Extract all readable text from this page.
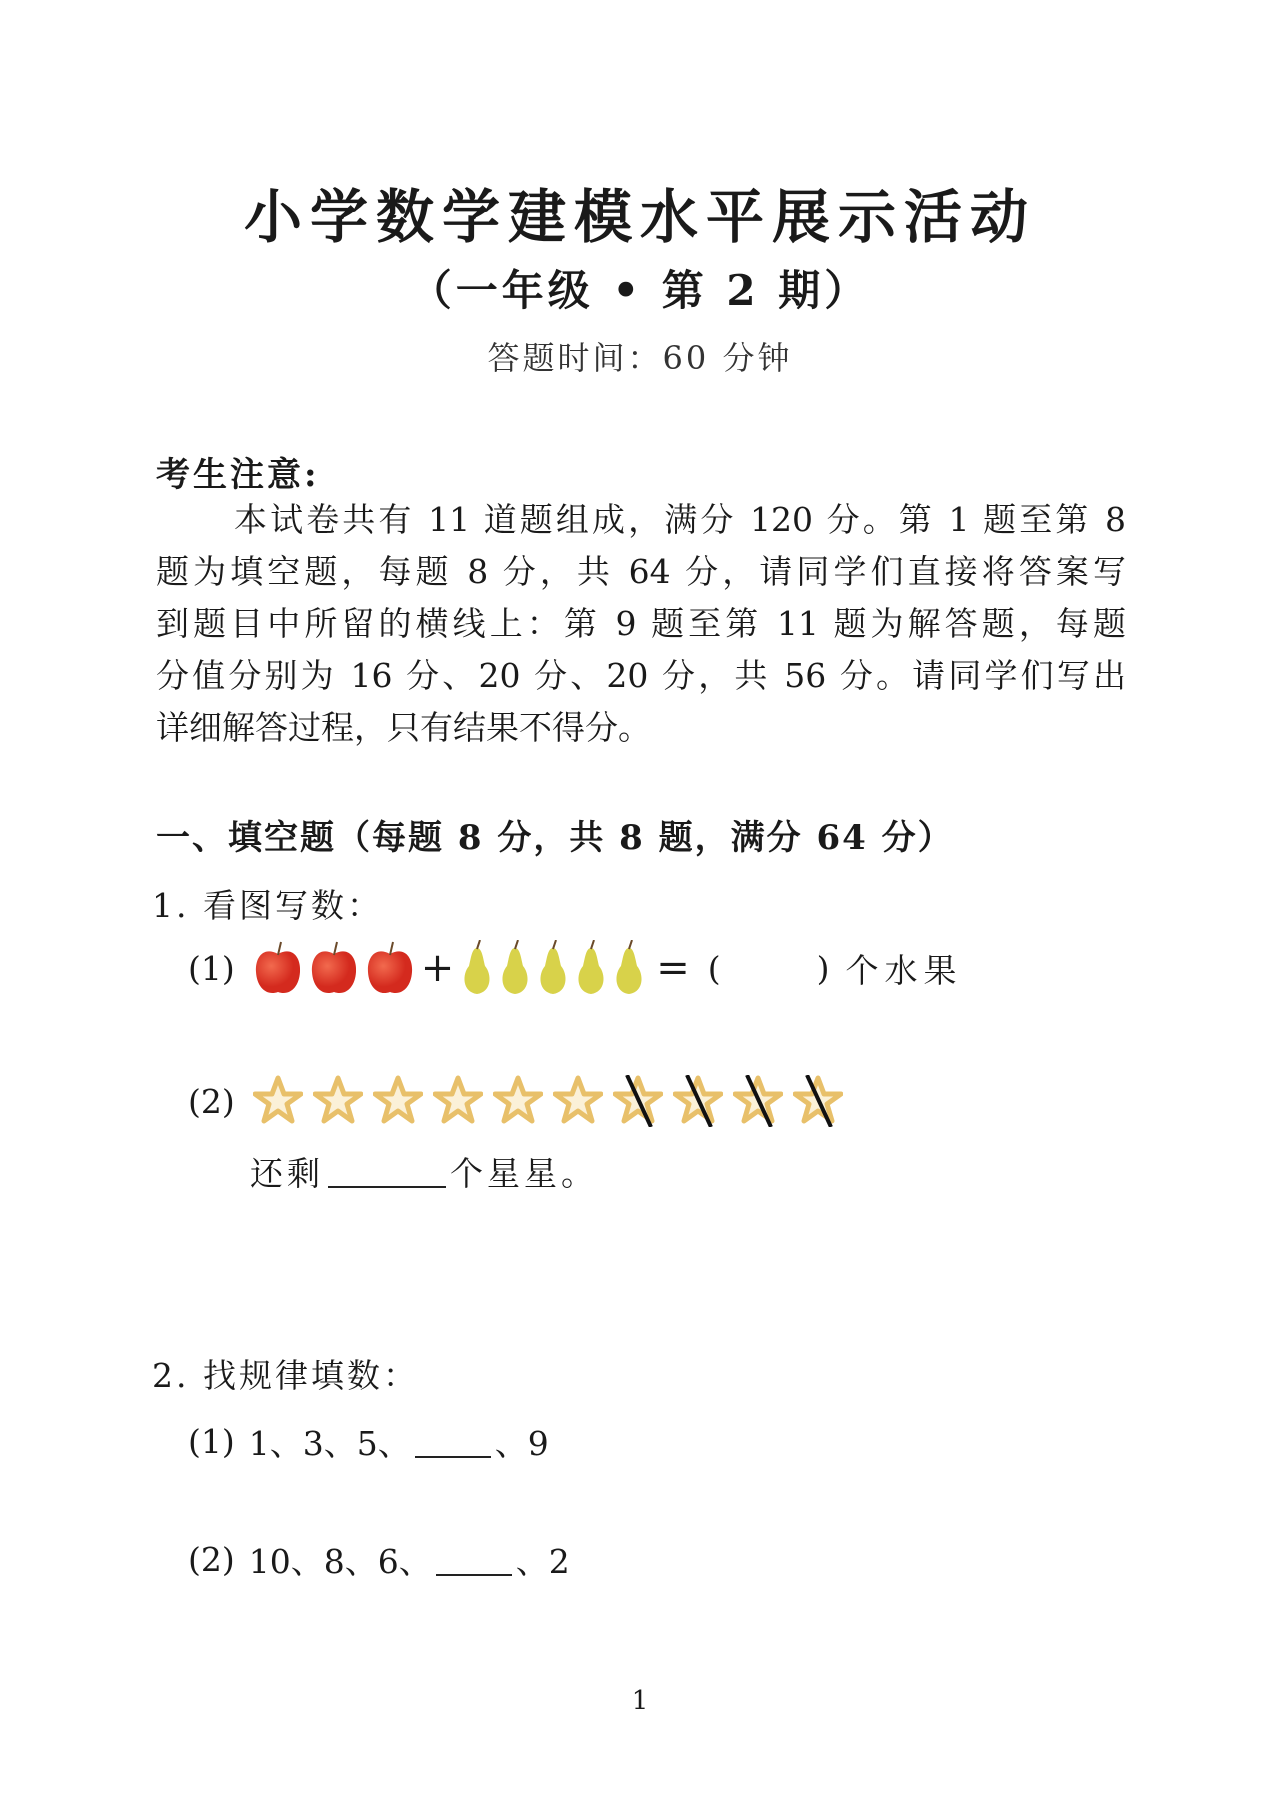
小学数学建模水平展示活动
（一年级 • 第 2 期）
答题时间：60 分钟
考生注意:
本试卷共有 11 道题组成，满分 120 分。第 1 题至第 8
题为填空题，每题 8 分，共 64 分，请同学们直接将答案写
到题目中所留的横线上：第 9 题至第 11 题为解答题，每题
分值分别为 16 分、20 分、20 分，共 56 分。请同学们写出
详细解答过程，只有结果不得分。
一、填空题（每题 8 分，共 8 题，满分 64 分）
1. 看图写数：
(1)	+	= (	) 个水果
(2)
还剩	个星星。
2. 找规律填数：
(1) 1、3、5、	、9
(2) 10、8、6、	、2
1
